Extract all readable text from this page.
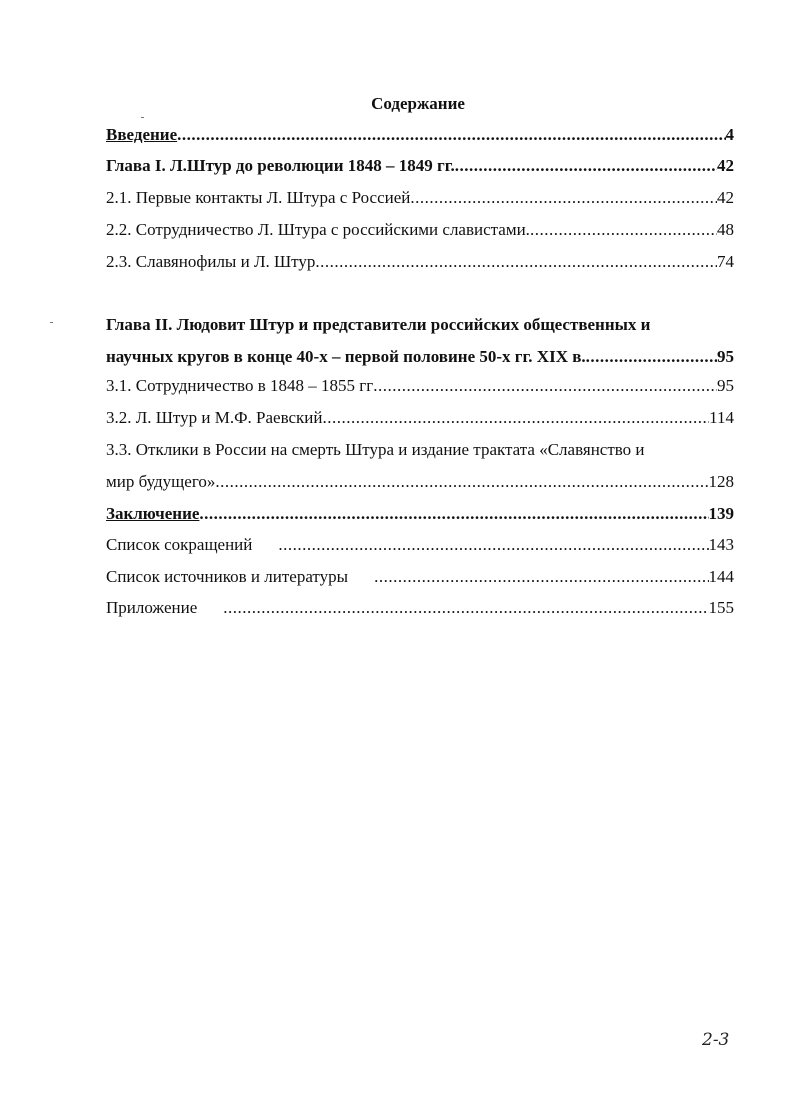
Содержание
Введение .....	4
Глава I. Л.Штур до революции 1848 – 1849 гг. .....	42
2.1. Первые контакты Л. Штура с Россией .....	42
2.2. Сотрудничество Л. Штура с российскими славистами. .....	48
2.3. Славянофилы и Л. Штур .....	74
Глава II. Людовит Штур и представители российских общественных и
научных кругов в конце 40-х – первой половине 50-х гг. XIX в. .....	95
3.1. Сотрудничество в 1848 – 1855 гг .....	95
3.2. Л. Штур и М.Ф. Раевский .....	114
3.3. Отклики в России на смерть Штура и издание трактата «Славянство и
мир будущего» .....	128
Заключение .....	139
Список сокращений .....	143
Список источников и литературы .....	144
Приложение .....	155
2-3
